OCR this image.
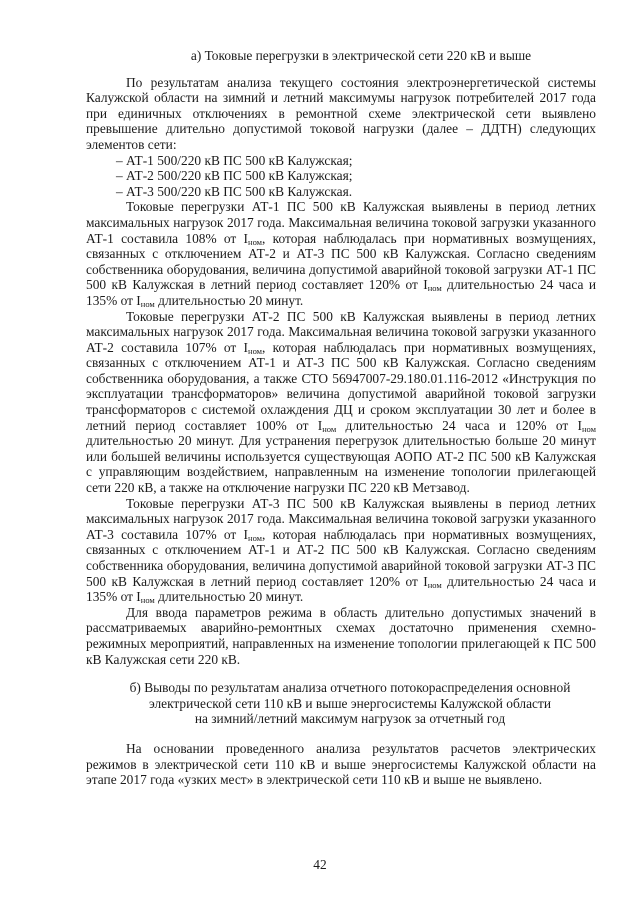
а) Токовые перегрузки в электрической сети 220 кВ и выше

По результатам анализа текущего состояния электроэнергетической системы Калужской области на зимний и летний максимумы нагрузок потребителей 2017 года при единичных отключениях в ремонтной схеме электрической сети выявлено превышение длительно допустимой токовой нагрузки (далее – ДДТН) следующих элементов сети:

– АТ-1 500/220 кВ ПС 500 кВ Калужская;
– АТ-2 500/220 кВ ПС 500 кВ Калужская;
– АТ-3 500/220 кВ ПС 500 кВ Калужская.

Токовые перегрузки АТ-1 ПС 500 кВ Калужская выявлены в период летних максимальных нагрузок 2017 года. Максимальная величина токовой загрузки указанного АТ-1 составила 108% от $I_{ном}$, которая наблюдалась при нормативных возмущениях, связанных с отключением АТ-2 и АТ-3 ПС 500 кВ Калужская. Согласно сведениям собственника оборудования, величина допустимой аварийной токовой загрузки АТ-1 ПС 500 кВ Калужская в летний период составляет 120% от $I_{ном}$ длительностью 24 часа и 135% от $I_{ном}$ длительностью 20 минут.

Токовые перегрузки АТ-2 ПС 500 кВ Калужская выявлены в период летних максимальных нагрузок 2017 года. Максимальная величина токовой загрузки указанного АТ-2 составила 107% от $I_{ном}$, которая наблюдалась при нормативных возмущениях, связанных с отключением АТ-1 и АТ-3 ПС 500 кВ Калужская. Согласно сведениям собственника оборудования, а также СТО 56947007-29.180.01.116-2012 «Инструкция по эксплуатации трансформаторов» величина допустимой аварийной токовой загрузки трансформаторов с системой охлаждения ДЦ и сроком эксплуатации 30 лет и более в летний период составляет 100% от $I_{ном}$ длительностью 24 часа и 120% от $I_{ном}$ длительностью 20 минут. Для устранения перегрузок длительностью больше 20 минут или большей величины используется существующая АОПО АТ-2 ПС 500 кВ Калужская с управляющим воздействием, направленным на изменение топологии прилегающей сети 220 кВ, а также на отключение нагрузки ПС 220 кВ Метзавод.

Токовые перегрузки АТ-3 ПС 500 кВ Калужская выявлены в период летних максимальных нагрузок 2017 года. Максимальная величина токовой загрузки указанного АТ-3 составила 107% от $I_{ном}$, которая наблюдалась при нормативных возмущениях, связанных с отключением АТ-1 и АТ-2 ПС 500 кВ Калужская. Согласно сведениям собственника оборудования, величина допустимой аварийной токовой загрузки АТ-3 ПС 500 кВ Калужская в летний период составляет 120% от $I_{ном}$ длительностью 24 часа и 135% от $I_{ном}$ длительностью 20 минут.

Для ввода параметров режима в область длительно допустимых значений в рассматриваемых аварийно-ремонтных схемах достаточно применения схемно-режимных мероприятий, направленных на изменение топологии прилегающей к ПС 500 кВ Калужская сети 220 кВ.

б) Выводы по результатам анализа отчетного потокораспределения основной
электрической сети 110 кВ и выше энергосистемы Калужской области
на зимний/летний максимум нагрузок за отчетный год

На основании проведенного анализа результатов расчетов электрических режимов в электрической сети 110 кВ и выше энергосистемы Калужской области на этапе 2017 года «узких мест» в электрической сети 110 кВ и выше не выявлено.

42
